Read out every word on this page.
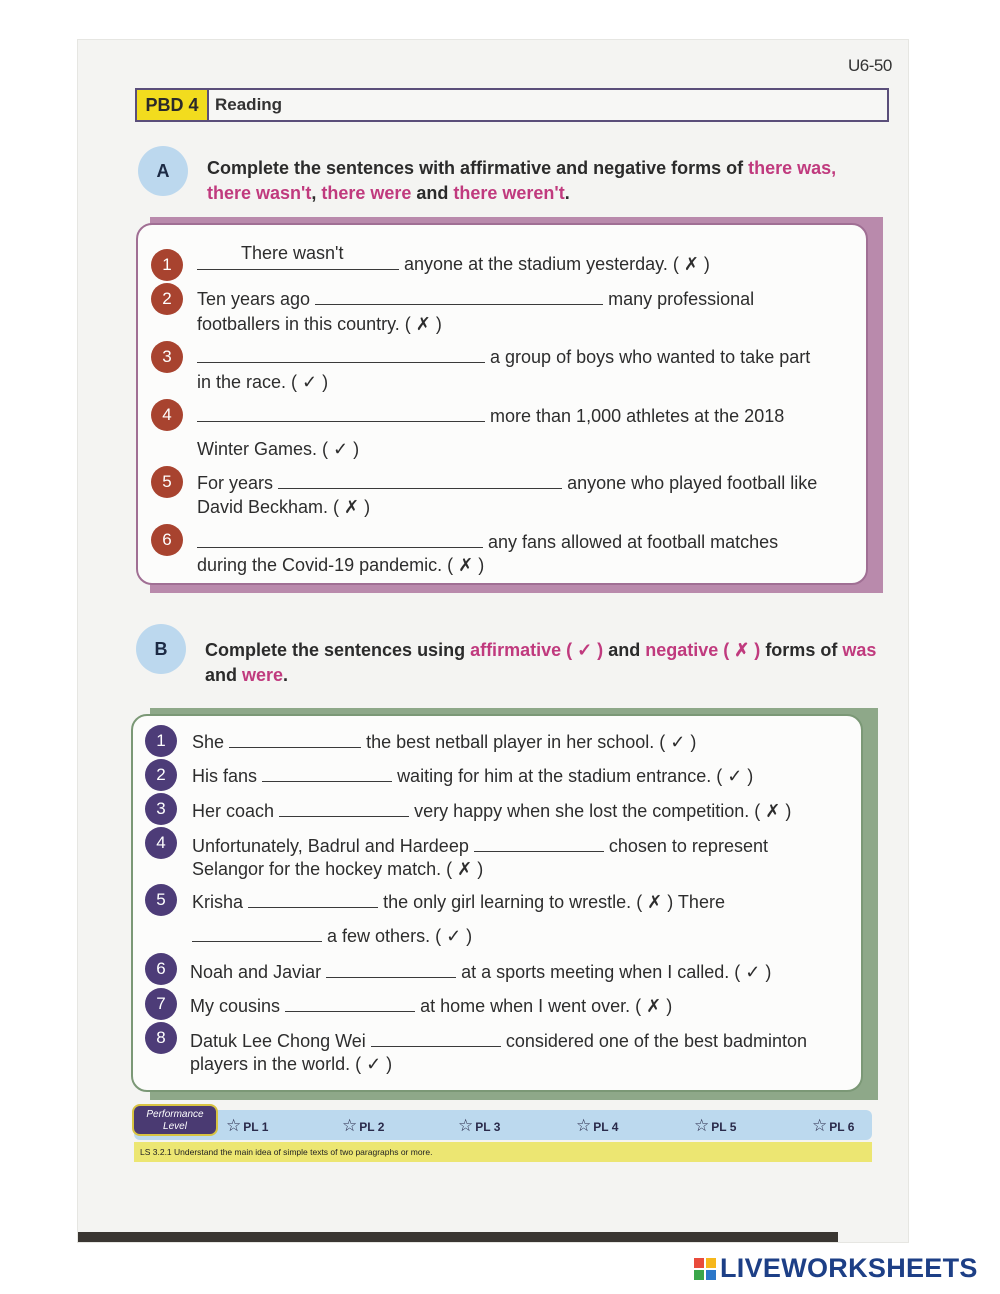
U6-50
PBD 4 Reading
A	Complete the sentences with affirmative and negative forms of there was,
there wasn't, there were and there weren't.
There wasn't
1	anyone at the stadium yesterday. ( ✗ )
2	Ten years ago	many professional
footballers in this country. ( ✗ )
3	a group of boys who wanted to take part
in the race. ( ✓ )
4	more than 1,000 athletes at the 2018
Winter Games. ( ✓ )
5	For years	anyone who played football like
David Beckham. ( ✗ )
6	any fans allowed at football matches
during the Covid-19 pandemic. ( ✗ )
B	Complete the sentences using affirmative ( ✓ ) and negative ( ✗ ) forms of was
and were.
1	She	the best netball player in her school. ( ✓ )
2	His fans	waiting for him at the stadium entrance. ( ✓ )
3	Her coach	very happy when she lost the competition. ( ✗ )
4	Unfortunately, Badrul and Hardeep	chosen to represent
Selangor for the hockey match. ( ✗ )
5	Krisha	the only girl learning to wrestle. ( ✗ ) There
a few others. ( ✓ )
6	Noah and Javiar	at a sports meeting when I called. ( ✓ )
7	My cousins	at home when I went over. ( ✗ )
8	Datuk Lee Chong Wei	considered one of the best badminton
players in the world. ( ✓ )
Performance
Level	☆ PL 1	☆ PL 2	☆ PL 3	☆ PL 4	☆ PL 5	☆ PL 6
LS 3.2.1 Understand the main idea of simple texts of two paragraphs or more.
LIVEWORKSHEETS
